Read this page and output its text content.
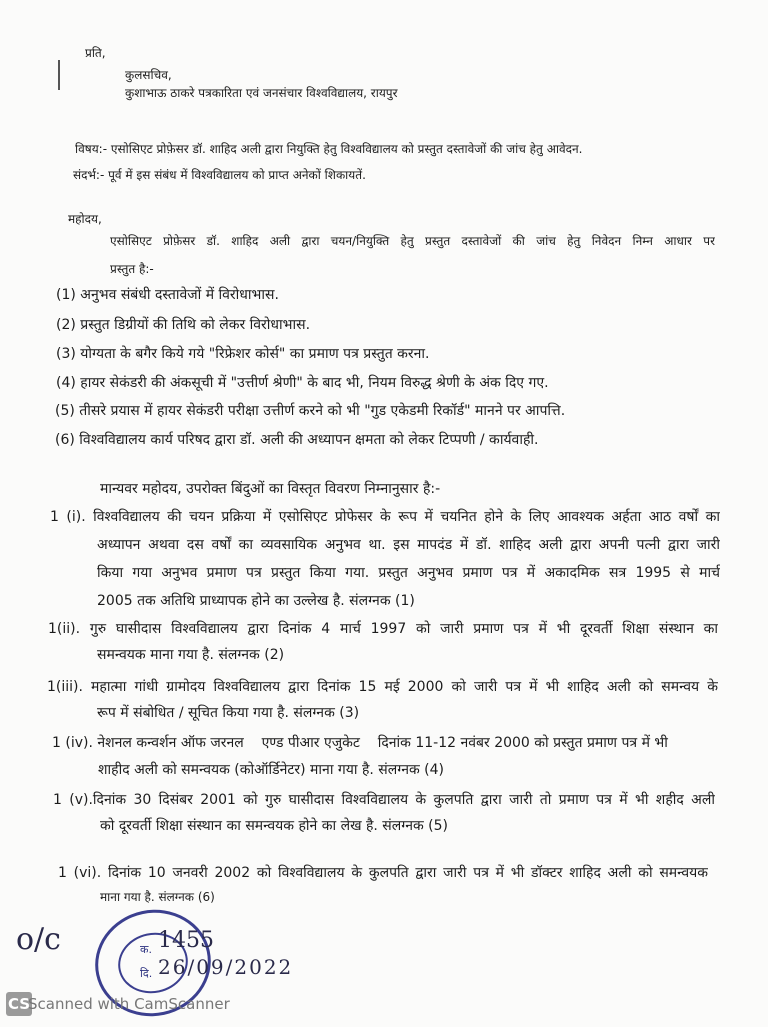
प्रति,
कुलसचिव,
कुशाभाऊ ठाकरे पत्रकारिता एवं जनसंचार विश्वविद्यालय, रायपुर
विषय:- एसोसिएट प्रोफ़ेसर डॉ. शाहिद अली द्वारा नियुक्ति हेतु विश्वविद्यालय को प्रस्तुत दस्तावेजों की जांच हेतु आवेदन.
संदर्भ:- पूर्व में इस संबंध में विश्वविद्यालय को प्राप्त अनेकों शिकायतें.
महोदय,
एसोसिएट प्रोफ़ेसर डॉ. शाहिद अली द्वारा चयन/नियुक्ति हेतु प्रस्तुत दस्तावेजों की जांच हेतु निवेदन निम्न आधार पर
प्रस्तुत है:-
(1) अनुभव संबंधी दस्तावेजों में विरोधाभास.
(2) प्रस्तुत डिग्रीयों की तिथि को लेकर विरोधाभास.
(3) योग्यता के बगैर किये गये "रिफ्रेशर कोर्स" का प्रमाण पत्र प्रस्तुत करना.
(4) हायर सेकंडरी की अंकसूची में "उत्तीर्ण श्रेणी" के बाद भी, नियम विरुद्ध श्रेणी के अंक दिए गए.
(5) तीसरे प्रयास में हायर सेकंडरी परीक्षा उत्तीर्ण करने को भी "गुड एकेडमी रिकॉर्ड" मानने पर आपत्ति.
(6) विश्वविद्यालय कार्य परिषद द्वारा डॉ. अली की अध्यापन क्षमता को लेकर टिप्पणी / कार्यवाही.
मान्यवर महोदय, उपरोक्त बिंदुओं का विस्तृत विवरण निम्नानुसार है:-
1 (i). विश्वविद्यालय की चयन प्रक्रिया में एसोसिएट प्रोफेसर के रूप में चयनित होने के लिए आवश्यक अर्हता आठ वर्षों का
अध्यापन अथवा दस वर्षों का व्यवसायिक अनुभव था. इस मापदंड में डॉ. शाहिद अली द्वारा अपनी पत्नी द्वारा जारी
किया गया अनुभव प्रमाण पत्र प्रस्तुत किया गया. प्रस्तुत अनुभव प्रमाण पत्र में अकादमिक सत्र 1995 से मार्च
2005 तक अतिथि प्राध्यापक होने का उल्लेख है. संलग्नक (1)
1(ii). गुरु घासीदास विश्वविद्यालय द्वारा दिनांक 4 मार्च 1997 को जारी प्रमाण पत्र में भी दूरवर्ती शिक्षा संस्थान का
समन्वयक माना गया है. संलग्नक (2)
1(iii). महात्मा गांधी ग्रामोदय विश्वविद्यालय द्वारा दिनांक 15 मई 2000 को जारी पत्र में भी शाहिद अली को समन्वय के
रूप में संबोधित / सूचित किया गया है. संलग्नक (3)
1 (iv). नेशनल कन्वर्शन ऑफ जरनल    एण्ड पीआर एजुकेट    दिनांक 11-12 नवंबर 2000 को प्रस्तुत प्रमाण पत्र में भी
शाहीद अली को समन्वयक (कोऑर्डिनेटर) माना गया है. संलग्नक (4)
1 (v).दिनांक 30 दिसंबर 2001 को गुरु घासीदास विश्वविद्यालय के कुलपति द्वारा जारी तो प्रमाण पत्र में भी शहीद अली
को दूरवर्ती शिक्षा संस्थान का समन्वयक होने का लेख है. संलग्नक (5)
1 (vi). दिनांक 10 जनवरी 2002 को विश्वविद्यालय के कुलपति द्वारा जारी पत्र में भी डॉक्टर शाहिद अली को समन्वयक
माना गया है. संलग्नक (6)
o/c	क. 1455
दि. 26/09/2022
CS
Scanned with CamScanner
